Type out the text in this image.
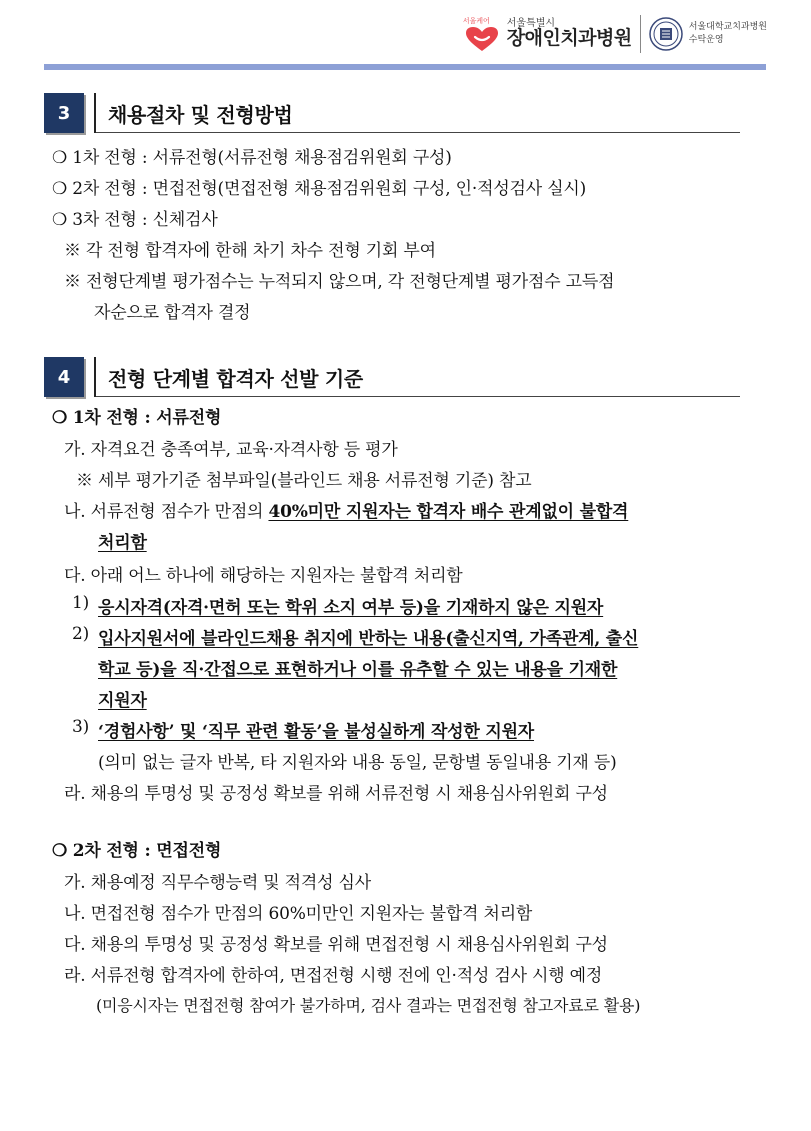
서울케어 서울특별시
장애인치과병원	서울대학교치과병원
수탁운영
3	채용절차 및 전형방법
❍ 1차 전형 : 서류전형(서류전형 채용점검위원회 구성)
❍ 2차 전형 : 면접전형(면접전형 채용점검위원회 구성, 인·적성검사 실시)
❍ 3차 전형 : 신체검사
※ 각 전형 합격자에 한해 차기 차수 전형 기회 부여
※ 전형단계별 평가점수는 누적되지 않으며, 각 전형단계별 평가점수 고득점
자순으로 합격자 결정
4	전형 단계별 합격자 선발 기준
❍ 1차 전형 : 서류전형
가. 자격요건 충족여부, 교육·자격사항 등 평가
※ 세부 평가기준 첨부파일(블라인드 채용 서류전형 기준) 참고
나. 서류전형 점수가 만점의 40%미만 지원자는 합격자 배수 관계없이 불합격
처리함
다. 아래 어느 하나에 해당하는 지원자는 불합격 처리함
1) 응시자격(자격·면허 또는 학위 소지 여부 등)을 기재하지 않은 지원자
2) 입사지원서에 블라인드채용 취지에 반하는 내용(출신지역, 가족관계, 출신
학교 등)을 직·간접으로 표현하거나 이를 유추할 수 있는 내용을 기재한
지원자
3) ‘경험사항’ 및 ‘직무 관련 활동’을 불성실하게 작성한 지원자
(의미 없는 글자 반복, 타 지원자와 내용 동일, 문항별 동일내용 기재 등)
라. 채용의 투명성 및 공정성 확보를 위해 서류전형 시 채용심사위원회 구성
❍ 2차 전형 : 면접전형
가. 채용예정 직무수행능력 및 적격성 심사
나. 면접전형 점수가 만점의 60%미만인 지원자는 불합격 처리함
다. 채용의 투명성 및 공정성 확보를 위해 면접전형 시 채용심사위원회 구성
라. 서류전형 합격자에 한하여, 면접전형 시행 전에 인·적성 검사 시행 예정
(미응시자는 면접전형 참여가 불가하며, 검사 결과는 면접전형 참고자료로 활용)
